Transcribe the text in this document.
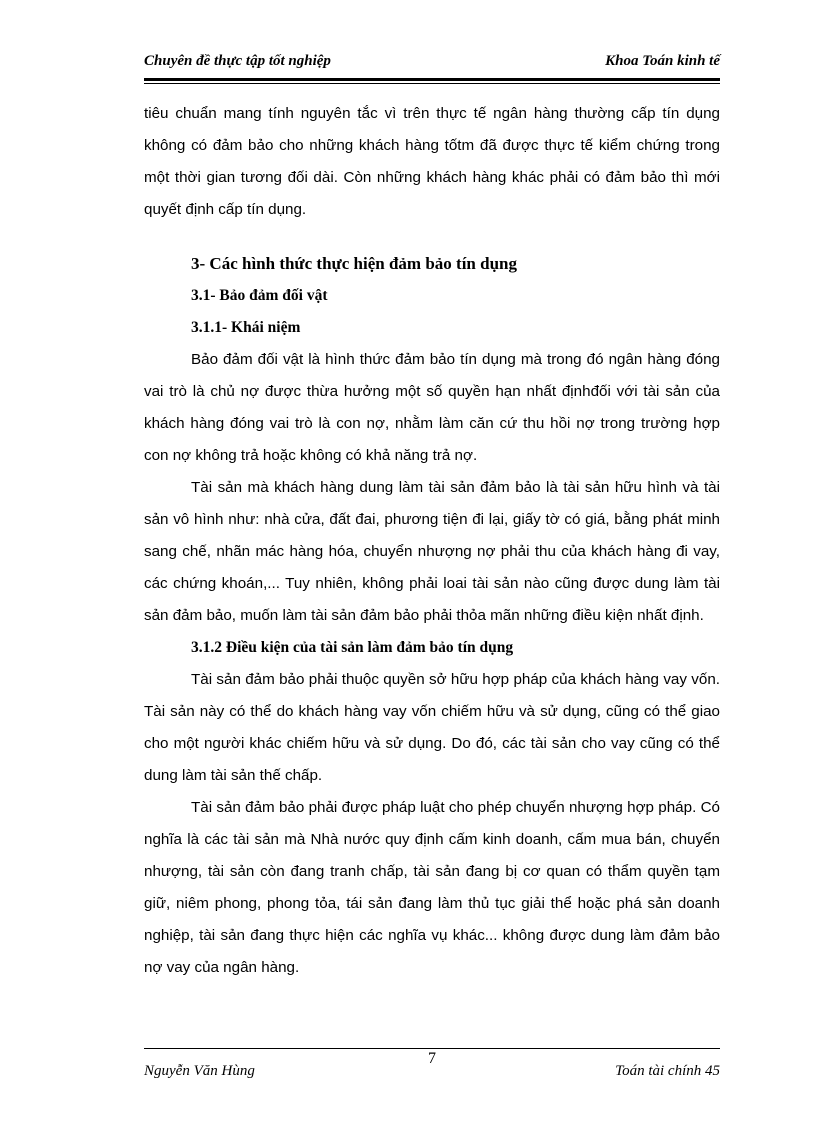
Chuyên đề thực tập tốt nghiệp	Khoa Toán kinh tế

tiêu chuẩn mang tính nguyên tắc vì trên thực tế ngân hàng thường cấp tín dụng không có đảm bảo cho những khách hàng tốtm đã được thực tế kiểm chứng trong một thời gian tương đối dài. Còn những khách hàng khác phải có đảm bảo thì mới quyết định cấp tín dụng.

3- Các hình thức thực hiện đảm bảo tín dụng
3.1- Bảo đảm đối vật
3.1.1- Khái niệm

Bảo đảm đối vật là hình thức đảm bảo tín dụng mà trong đó ngân hàng đóng vai trò là chủ nợ được thừa hưởng một số quyền hạn nhất địnhđối với tài sản của khách hàng đóng vai trò là con nợ, nhằm làm căn cứ thu hồi nợ trong trường hợp con nợ không trả hoặc không có khả năng trả nợ.

Tài sản mà khách hàng dung làm tài sản đảm bảo là tài sản hữu hình và tài sản vô hình như: nhà cửa, đất đai, phương tiện đi lại, giấy tờ có giá, bằng phát minh sang chế, nhãn mác hàng hóa, chuyển nhượng nợ phải thu của khách hàng đi vay, các chứng khoán,... Tuy nhiên, không phải loai tài sản nào cũng được dung làm tài sản đảm bảo, muốn làm tài sản đảm bảo phải thỏa mãn những điều kiện nhất định.

3.1.2 Điều kiện của tài sản làm đảm bảo tín dụng

Tài sản đảm bảo phải thuộc quyền sở hữu hợp pháp của khách hàng vay vốn. Tài sản này có thể do khách hàng vay vốn chiếm hữu và sử dụng, cũng có thể giao cho một người khác chiếm hữu và sử dụng. Do đó, các tài sản cho vay cũng có thể dung làm tài sản thế chấp.

Tài sản đảm bảo phải được pháp luật cho phép chuyển nhượng hợp pháp. Có nghĩa là các tài sản mà Nhà nước quy định cấm kinh doanh, cấm mua bán, chuyển nhượng, tài sản còn đang tranh chấp, tài sản đang bị cơ quan có thẩm quyền tạm giữ, niêm phong, phong tỏa, tái sản đang làm thủ tục giải thể hoặc phá sản doanh nghiệp, tài sản đang thực hiện các nghĩa vụ khác... không được dung làm đảm bảo nợ vay của ngân hàng.

Nguyễn Văn Hùng
7
Toán tài chính 45
